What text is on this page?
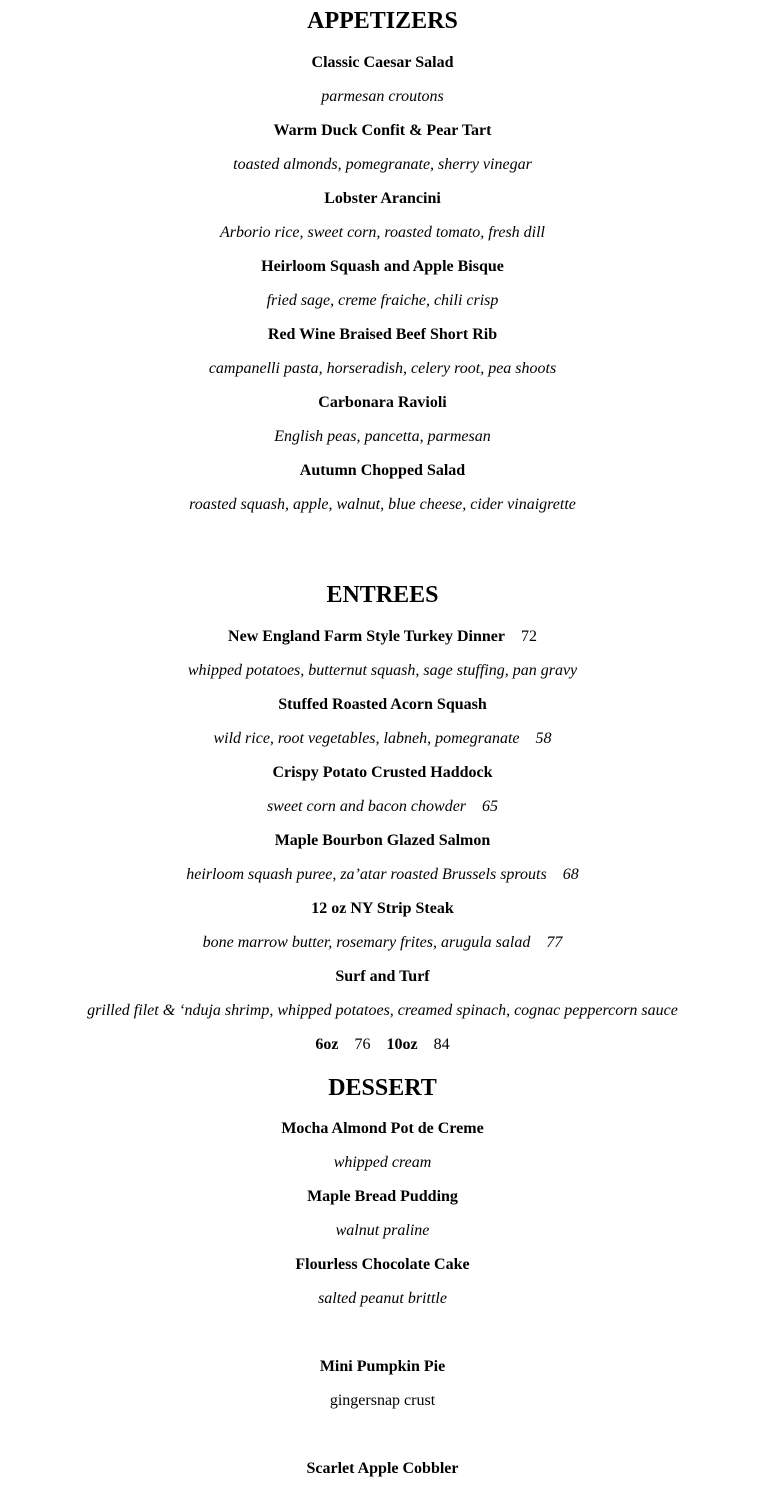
APPETIZERS
Classic Caesar Salad
parmesan croutons
Warm Duck Confit & Pear Tart
toasted almonds, pomegranate, sherry vinegar
Lobster Arancini
Arborio rice, sweet corn, roasted tomato, fresh dill
Heirloom Squash and Apple Bisque
fried sage, creme fraiche, chili crisp
Red Wine Braised Beef Short Rib
campanelli pasta, horseradish, celery root, pea shoots
Carbonara Ravioli
English peas, pancetta, parmesan
Autumn Chopped Salad
roasted squash, apple, walnut, blue cheese, cider vinaigrette
ENTREES
New England Farm Style Turkey Dinner 72
whipped potatoes, butternut squash, sage stuffing, pan gravy
Stuffed Roasted Acorn Squash
wild rice, root vegetables, labneh, pomegranate 58
Crispy Potato Crusted Haddock
sweet corn and bacon chowder 65
Maple Bourbon Glazed Salmon
heirloom squash puree, za’atar roasted Brussels sprouts 68
12 oz NY Strip Steak
bone marrow butter, rosemary frites, arugula salad 77
Surf and Turf
grilled filet & ‘nduja shrimp, whipped potatoes, creamed spinach, cognac peppercorn sauce
6oz 76 10oz 84
DESSERT
Mocha Almond Pot de Creme
whipped cream
Maple Bread Pudding
walnut praline
Flourless Chocolate Cake
salted peanut brittle
Mini Pumpkin Pie
gingersnap crust
Scarlet Apple Cobbler
